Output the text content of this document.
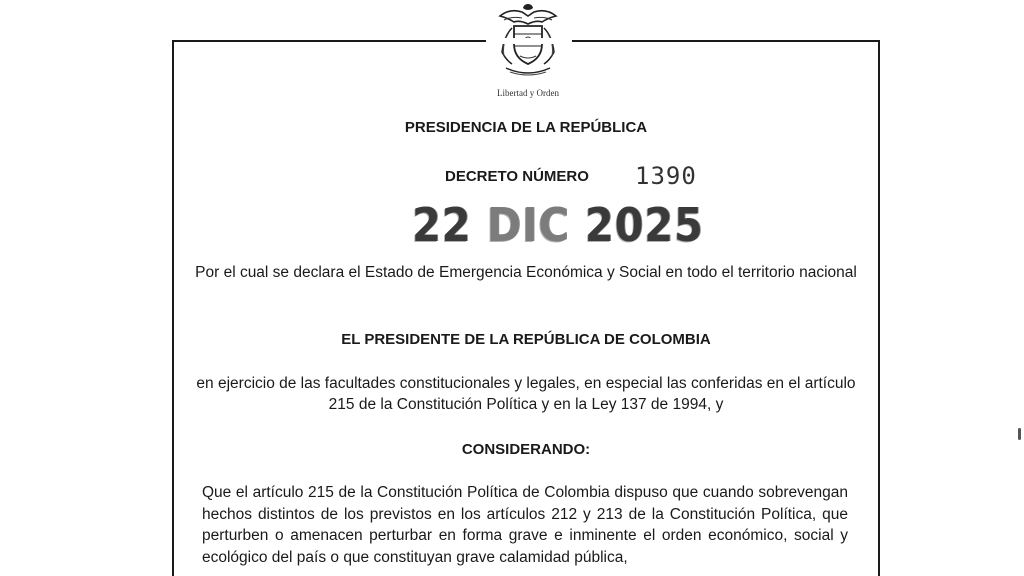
Libertad y Orden
PRESIDENCIA DE LA REPÚBLICA
DECRETO NÚMERO 1390
22 DIC 2025
Por el cual se declara el Estado de Emergencia Económica y Social en todo el territorio nacional
EL PRESIDENTE DE LA REPÚBLICA DE COLOMBIA
en ejercicio de las facultades constitucionales y legales, en especial las conferidas en el artículo 215 de la Constitución Política y en la Ley 137 de 1994, y
CONSIDERANDO:
Que el artículo 215 de la Constitución Política de Colombia dispuso que cuando sobrevengan hechos distintos de los previstos en los artículos 212 y 213 de la Constitución Política, que perturben o amenacen perturbar en forma grave e inminente el orden económico, social y ecológico del país o que constituyan grave calamidad pública,
